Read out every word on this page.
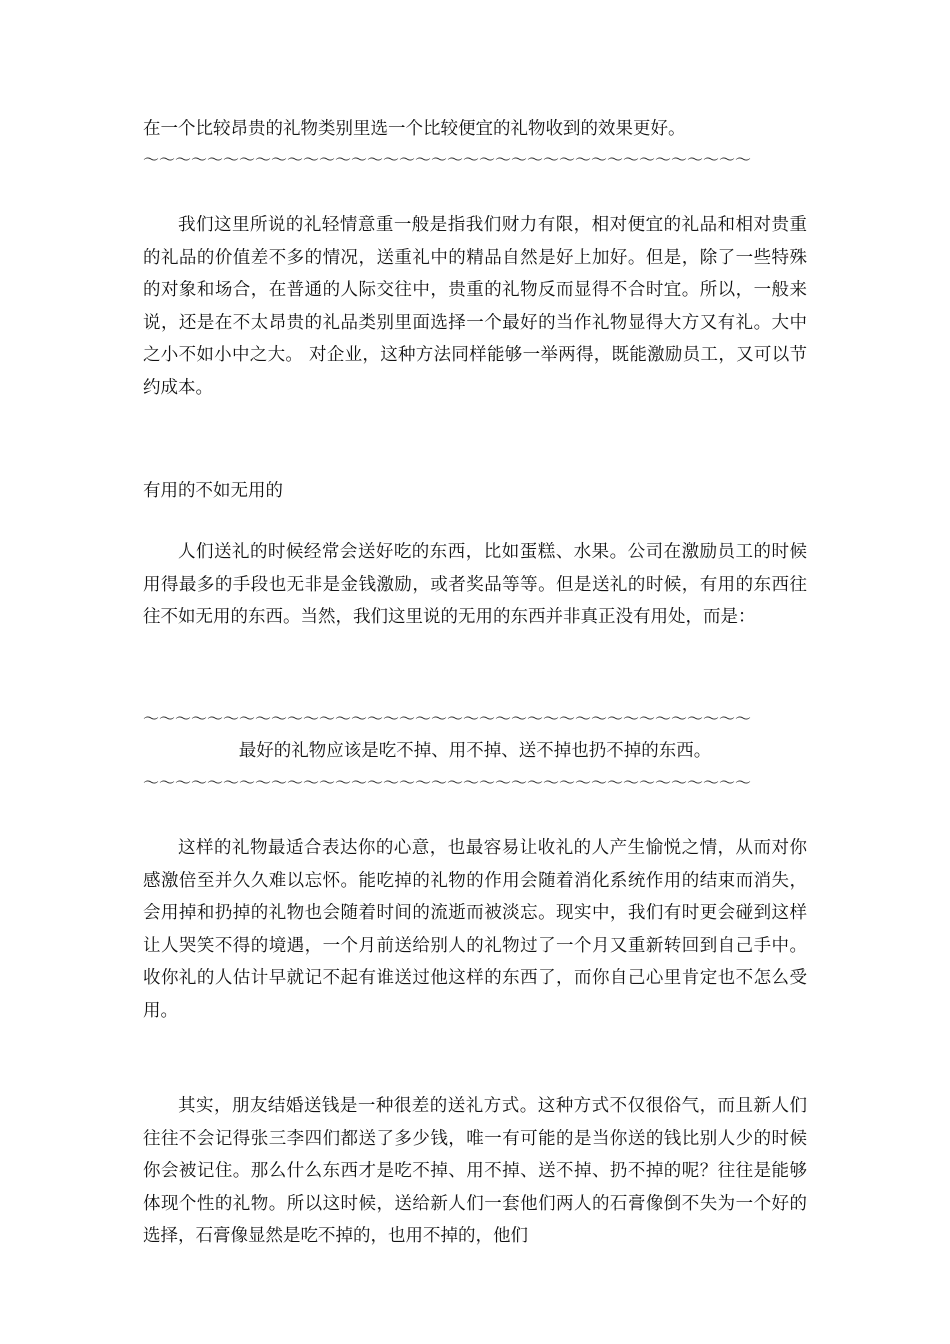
在一个比较昂贵的礼物类别里选一个比较便宜的礼物收到的效果更好。
～～～～～～～～～～～～～～～～～～～～～～～～～～～～～～～～～～～～～～

我们这里所说的礼轻情意重一般是指我们财力有限，相对便宜的礼品和相对贵重的礼品的价值差不多的情况，送重礼中的精品自然是好上加好。但是，除了一些特殊的对象和场合，在普通的人际交往中，贵重的礼物反而显得不合时宜。所以，一般来说，还是在不太昂贵的礼品类别里面选择一个最好的当作礼物显得大方又有礼。大中之小不如小中之大。 对企业，这种方法同样能够一举两得，既能激励员工，又可以节约成本。

有用的不如无用的

人们送礼的时候经常会送好吃的东西，比如蛋糕、水果。公司在激励员工的时候用得最多的手段也无非是金钱激励，或者奖品等等。但是送礼的时候，有用的东西往往不如无用的东西。当然，我们这里说的无用的东西并非真正没有用处，而是：

～～～～～～～～～～～～～～～～～～～～～～～～～～～～～～～～～～～～～～
最好的礼物应该是吃不掉、用不掉、送不掉也扔不掉的东西。
～～～～～～～～～～～～～～～～～～～～～～～～～～～～～～～～～～～～～～

这样的礼物最适合表达你的心意，也最容易让收礼的人产生愉悦之情，从而对你感激倍至并久久难以忘怀。能吃掉的礼物的作用会随着消化系统作用的结束而消失，会用掉和扔掉的礼物也会随着时间的流逝而被淡忘。现实中，我们有时更会碰到这样让人哭笑不得的境遇，一个月前送给别人的礼物过了一个月又重新转回到自己手中。收你礼的人估计早就记不起有谁送过他这样的东西了，而你自己心里肯定也不怎么受用。

其实，朋友结婚送钱是一种很差的送礼方式。这种方式不仅很俗气，而且新人们往往不会记得张三李四们都送了多少钱，唯一有可能的是当你送的钱比别人少的时候你会被记住。那么什么东西才是吃不掉、用不掉、送不掉、扔不掉的呢？往往是能够体现个性的礼物。所以这时候，送给新人们一套他们两人的石膏像倒不失为一个好的选择，石膏像显然是吃不掉的，也用不掉的，他们
